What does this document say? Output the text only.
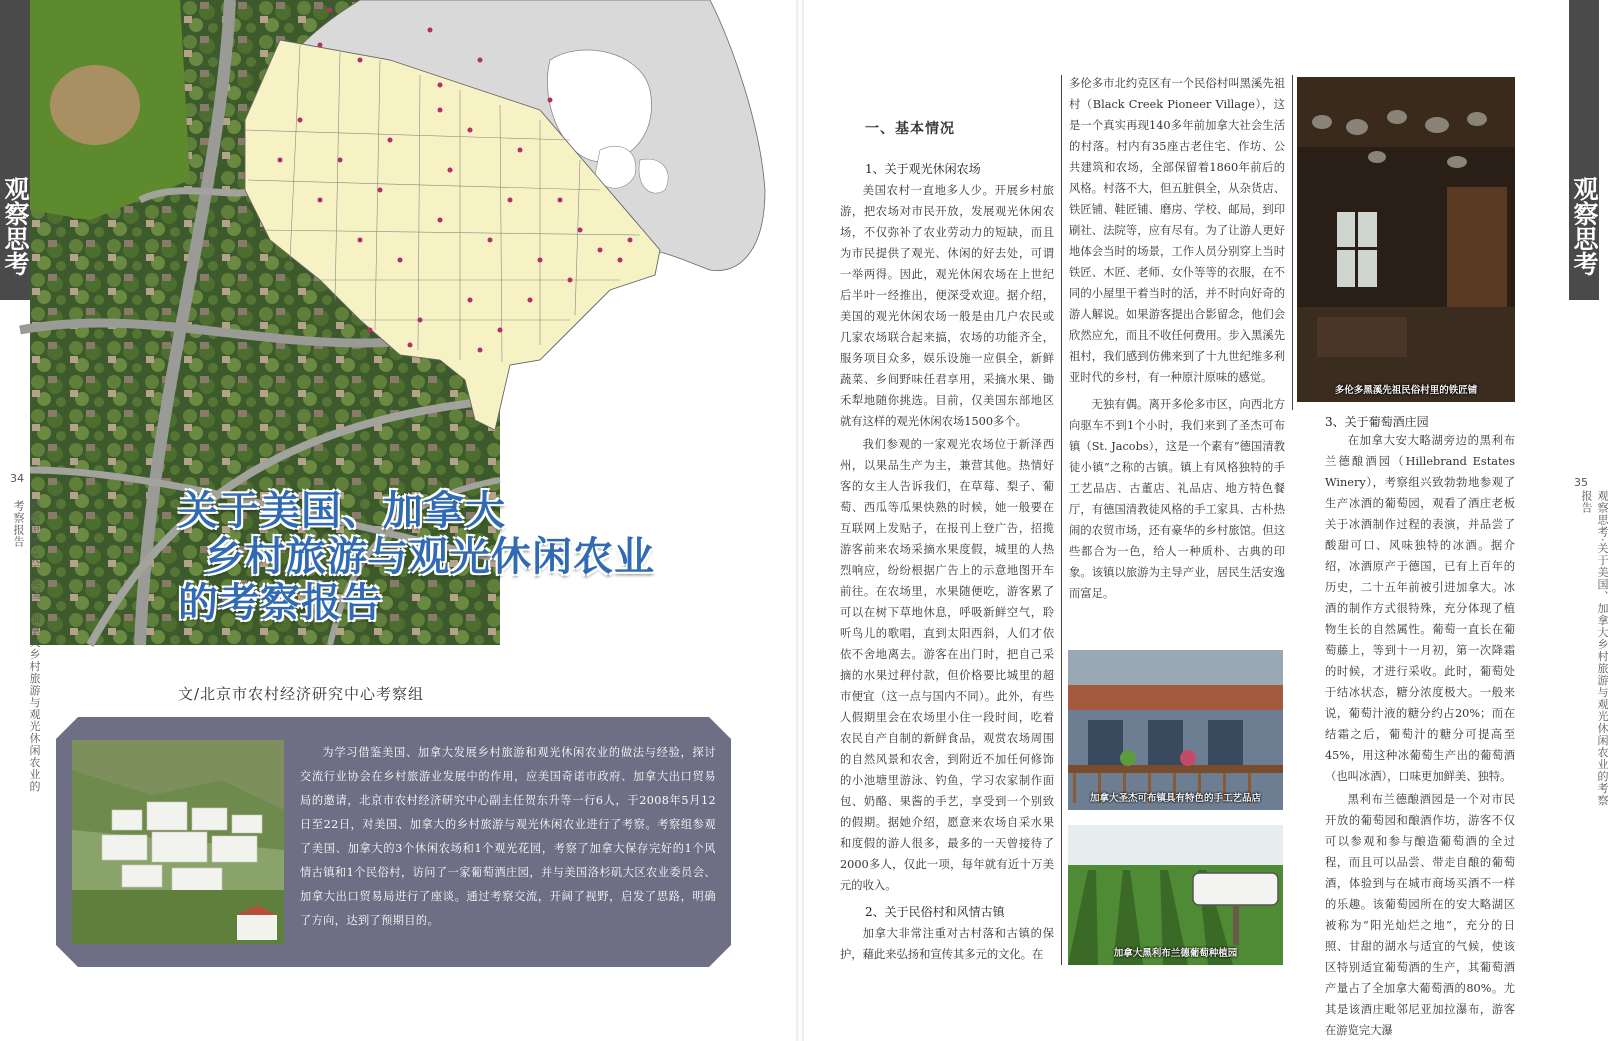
观察思考
34
观察思考·关于美国、加拿大乡村旅游与观光休闲农业的考察报告	关于美国、加拿大
乡村旅游与观光休闲农业
的考察报告
文/北京市农村经济研究中心考察组
为学习借鉴美国、加拿大发展乡村旅游和观光休闲农业的做法与经验，探讨交流行业协会在乡村旅游业发展中的作用，应美国奇诺市政府、加拿大出口贸易局的邀请，北京市农村经济研究中心副主任贺东升等一行6人，于2008年5月12日至22日，对美国、加拿大的乡村旅游与观光休闲农业进行了考察。考察组参观了美国、加拿大的3个休闲农场和1个观光花园，考察了加拿大保存完好的1个风情古镇和1个民俗村，访问了一家葡萄酒庄园，并与美国洛杉矶大区农业委员会、加拿大出口贸易局进行了座谈。通过考察交流，开阔了视野，启发了思路，明确了方向，达到了预期目的。
一、基本情况
1、关于观光休闲农场

美国农村一直地多人少。开展乡村旅游，把农场对市民开放，发展观光休闲农场，不仅弥补了农业劳动力的短缺，而且为市民提供了观光、休闲的好去处，可谓一举两得。因此，观光休闲农场在上世纪后半叶一经推出，便深受欢迎。据介绍，美国的观光休闲农场一般是由几户农民或几家农场联合起来搞，农场的功能齐全，服务项目众多，娱乐设施一应俱全，新鲜蔬菜、乡间野味任君享用，采摘水果、锄禾犁地随你挑选。目前，仅美国东部地区就有这样的观光休闲农场1500多个。

我们参观的一家观光农场位于新泽西州，以果品生产为主，兼营其他。热情好客的女主人告诉我们，在草莓、梨子、葡萄、西瓜等瓜果快熟的时候，她一般要在互联网上发贴子，在报刊上登广告，招揽游客前来农场采摘水果度假，城里的人热烈响应，纷纷根据广告上的示意地图开车前往。在农场里，水果随便吃，游客累了可以在树下草地休息，呼吸新鲜空气，聆听鸟儿的歌唱，直到太阳西斜，人们才依依不舍地离去。游客在出门时，把自己采摘的水果过秤付款，但价格要比城里的超市便宜（这一点与国内不同）。此外，有些人假期里会在农场里小住一段时间，吃着农民自产自制的新鲜食品，观赏农场周围的自然风景和农舍，到附近不加任何修饰的小池塘里游泳、钓鱼，学习农家制作面包、奶酪、果酱的手艺，享受到一个别致的假期。据她介绍，愿意来农场自采水果和度假的游人很多，最多的一天曾接待了2000多人，仅此一项，每年就有近十万美元的收入。

2、关于民俗村和风情古镇

加拿大非常注重对古村落和古镇的保护，藉此来弘扬和宣传其多元的文化。在

多伦多市北约克区有一个民俗村叫黑溪先祖村（Black Creek Pioneer Village），这是一个真实再现140多年前加拿大社会生活的村落。村内有35座古老住宅、作坊、公共建筑和农场，全部保留着1860年前后的风格。村落不大，但五脏俱全，从杂货店、铁匠铺、鞋匠铺、磨房、学校、邮局，到印刷社、法院等，应有尽有。为了让游人更好地体会当时的场景，工作人员分别穿上当时铁匠、木匠、老师、女仆等等的衣服，在不同的小屋里干着当时的活，并不时向好奇的游人解说。如果游客提出合影留念，他们会欣然应允，而且不收任何费用。步入黑溪先祖村，我们感到仿佛来到了十九世纪维多利亚时代的乡村，有一种原汁原味的感觉。

无独有偶。离开多伦多市区，向西北方向驱车不到1个小时，我们来到了圣杰可布镇（St. Jacobs），这是一个素有“德国清教徒小镇”之称的古镇。镇上有风格独特的手工艺品店、古董店、礼品店、地方特色餐厅，有德国清教徒风格的手工家具、古朴热闹的农贸市场，还有豪华的乡村旅馆。但这些都合为一色，给人一种质朴、古典的印象。该镇以旅游为主导产业，居民生活安逸而富足。

多伦多黑溪先祖民俗村里的铁匠铺
加拿大圣杰可布镇具有特色的手工艺品店
加拿大黑利布兰德葡萄种植园
3、关于葡萄酒庄园

在加拿大安大略湖旁边的黑利布兰德酿酒园（Hillebrand Estates Winery），考察组兴致勃勃地参观了生产冰酒的葡萄园，观看了酒庄老板关于冰酒制作过程的表演，并品尝了酸甜可口、风味独特的冰酒。据介绍，冰酒原产于德国，已有上百年的历史，二十五年前被引进加拿大。冰酒的制作方式很特殊，充分体现了植物生长的自然属性。葡萄一直长在葡萄藤上，等到十一月初，第一次降霜的时候，才进行采收。此时，葡萄处于结冰状态，糖分浓度极大。一般来说，葡萄汁液的糖分约占20%；而在结霜之后，葡萄汁的糖分可提高至45%，用这种冰葡萄生产出的葡萄酒（也叫冰酒），口味更加鲜美、独特。

黑利布兰德酿酒园是一个对市民开放的葡萄园和酿酒作坊，游客不仅可以参观和参与酿造葡萄酒的全过程，而且可以品尝、带走自酿的葡萄酒，体验到与在城市商场买酒不一样的乐趣。该葡萄园所在的安大略湖区被称为“阳光灿烂之地”，充分的日照、甘甜的湖水与适宜的气候，使该区特别适宜葡萄酒的生产，其葡萄酒产量占了全加拿大葡萄酒的80%。尤其是该酒庄毗邻尼亚加拉瀑布，游客在游览完大瀑

观察思考
35
观察思考·关于美国、加拿大乡村旅游与观光休闲农业的考察报告
